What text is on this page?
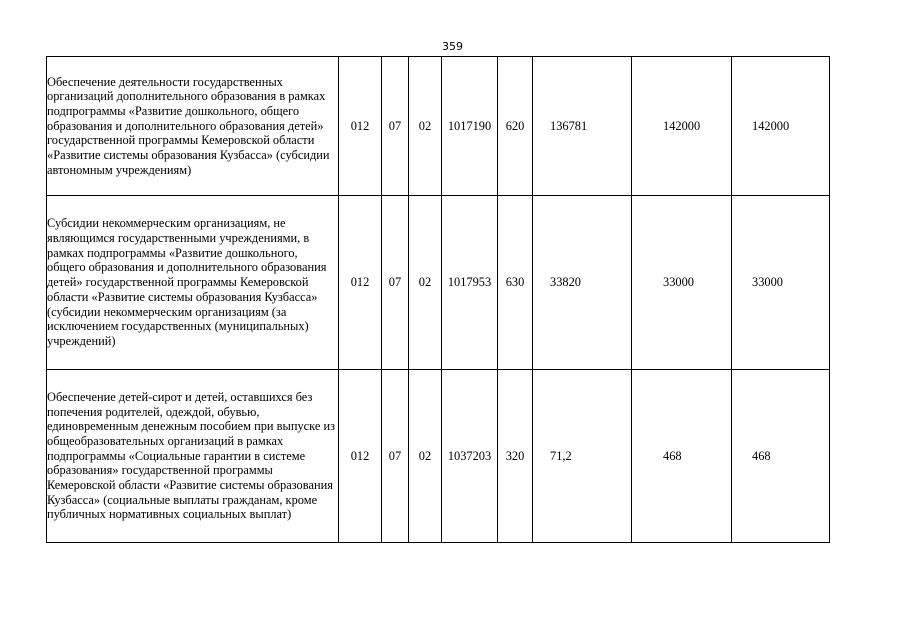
359
Обеспечение деятельности государственных организаций дополнительного образования в рамках подпрограммы «Развитие дошкольного, общего образования и дополнительного образования детей» государственной программы Кемеровской области «Развитие системы образования Кузбасса» (субсидии автономным учреждениям)	012	07	02	1017190	620	136781	142000	142000
Субсидии некоммерческим организациям, не являющимся государственными учреждениями, в рамках подпрограммы «Развитие дошкольного, общего образования и дополнительного образования детей» государственной программы Кемеровской области «Развитие системы образования Кузбасса» (субсидии некоммерческим организациям (за исключением государственных (муниципальных) учреждений)	012	07	02	1017953	630	33820	33000	33000
Обеспечение детей-сирот и детей, оставшихся без попечения родителей, одеждой, обувью, единовременным денежным пособием при выпуске из общеобразовательных организаций в рамках подпрограммы «Социальные гарантии в системе образования» государственной программы Кемеровской области «Развитие системы образования Кузбасса» (социальные выплаты гражданам, кроме публичных нормативных социальных выплат)	012	07	02	1037203	320	71,2	468	468
